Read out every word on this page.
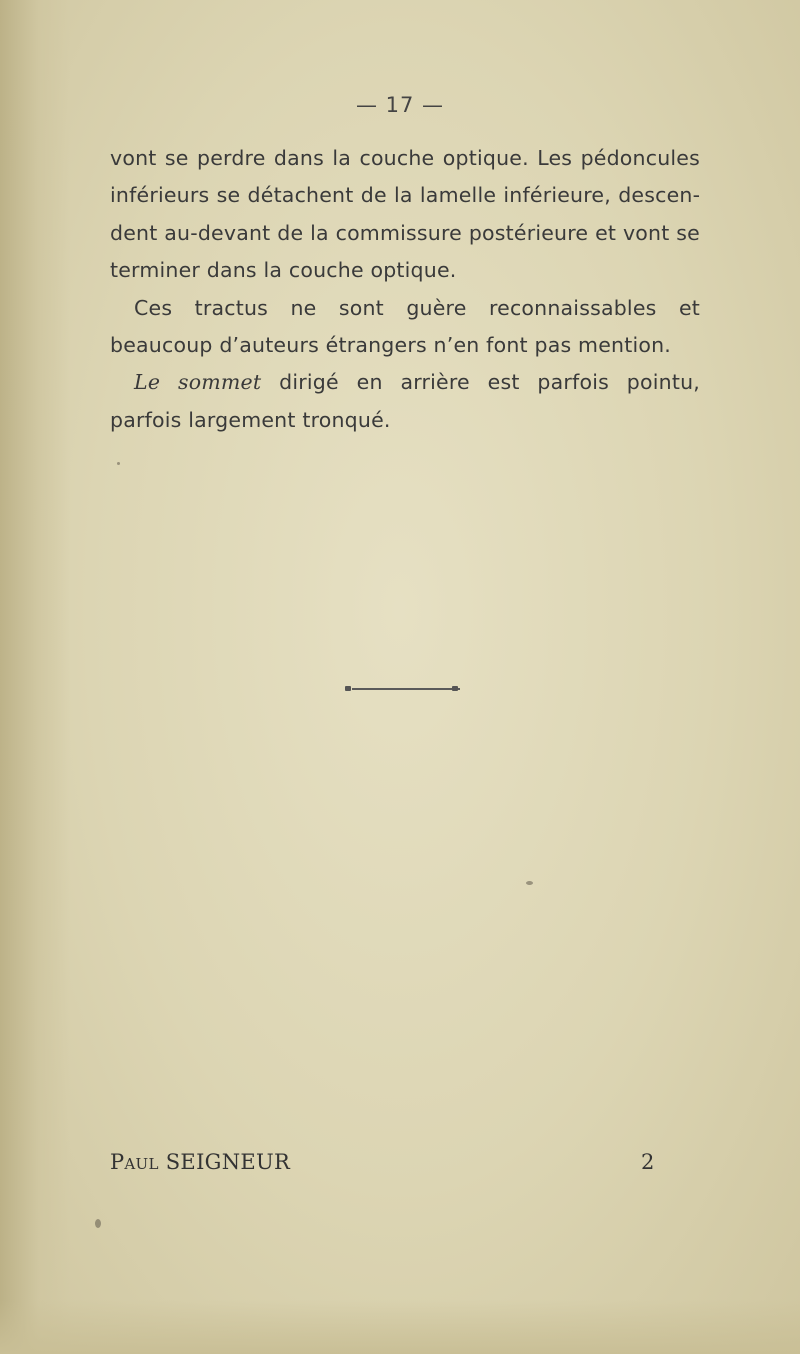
— 17 —

vont se perdre dans la couche optique. Les pédoncules inférieurs se détachent de la lamelle inférieure, descendent au-devant de la commissure postérieure et vont se terminer dans la couche optique.

Ces tractus ne sont guère reconnaissables et beaucoup d’auteurs étrangers n’en font pas mention.

Le sommet dirigé en arrière est parfois pointu, parfois largement tronqué.

Paul SEIGNEUR	2
